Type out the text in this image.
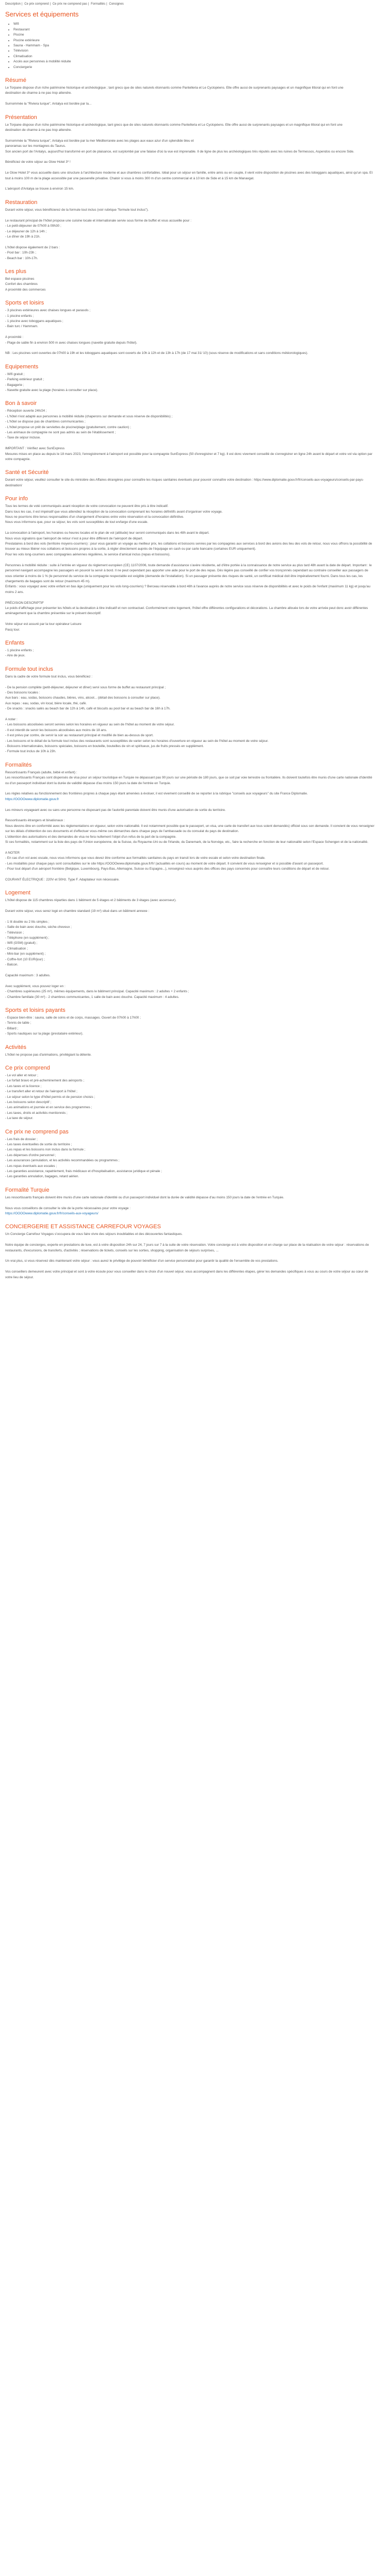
Description | Ce prix comprend | Ce prix ne comprend pas | Formalités | Consignes
Services et équipements
• Wifi
• Restaurant
• Piscine
• Piscine extérieure
• Sauna - Hammam - Spa
• Télévision
• Climatisation
• Accès aux personnes à mobilité réduite
• Conciergerie
Résumé
Le Torpane dispose d'un riche patrimoine historique et archéologique ; tant grecs que de sites naturels étonnants comme Pantelleria et Le Cyclopéens. Elle offre aussi de surprenants paysages et un magnifique littoral qui en font une
destination de charme à ne pas trop attendre.
Surnommée la "Riviera turque", Antalya est bordée par la...
Présentation
Le Torpane dispose d'un riche patrimoine historique et archéologique, tant grecs que de sites naturels étonnants comme Pantelleria et Le Cyclopéens. Elle offre aussi de surprenants paysages et un magnifique littoral qui en font une
destination de charme à ne pas trop attendre.
Surnommée la "Riviera turque", Antalya est bordée par la mer Méditerranée avec les plages aux eaux azur d'un splendide bleu et
panoramas sur les montagnes du Taurus.
Son ancien port de l'Antalys, aujourd'hui transformé en port de plaisance, est surplombé par une falaise d'où la vue est imprenable. Il de ligne de plus les archéologiques très réputés avec les ruines de Termessos, Aspendos ou encore Side.
Bénéficiez de votre séjour au Glow Hotel 3* !
Le Glow Hotel 3* vous accueille dans une structure à l'architecture moderne et aux chambres confortables. Idéal pour un séjour en famille, entre amis ou en couple, il vient votre disposition de piscines avec des toboggans aquatiques, ainsi qu'un spa. Et tout à moins 100 m de la plage accessible par une passerelle privative. Chaloir si vous à moins 300 m d'un centre commercial et à 10 km de Side et à 15 km de Manavgat.
L'aéroport d'Antalya se trouve à environ 15 km.
Restauration
Durant votre séjour, vous bénéficierez de la formule tout inclus (voir rubrique "formule tout inclus").
Le restaurant principal de l'hôtel propose une cuisine locale et internationale servie sous forme de buffet et vous accueille pour :
- Le petit-déjeuner de 07h00 à 09h30 ;
- Le déjeuner de 12h à 14h ;
- Le dîner de 19h à 21h.
L'hôtel dispose également de 2 bars :
- Pool bar : 10h-23h ;
- Beach bar : 10h-17h.
Les plus
Bel espace piscines
Confort des chambres
A proximité des commerces
Sports et loisirs
- 3 piscines extérieures avec chaises longues et parasols ;
- 1 piscine enfants ;
- 1 piscine avec toboggans aquatiques ;
- Bain turc / Hammam.
A proximité :
- Plage de sable fin à environ 500 m avec chaises longues (navette gratuite depuis l'hôtel).
NB : Les piscines sont ouvertes de 07h00 à 19h et les toboggans aquatiques sont ouverts de 10h à 12h et de 13h à 17h (de 17 mai 31/ 10) (sous réserve de modifications et sans conditions météorologiques).
Equipements
- Wifi gratuit ;
- Parking extérieur gratuit ;
- Bagagerie ;
- Navette gratuite avec la plage (horaires à consulter sur place).
Bon à savoir
- Réception ouverte 24h/24 ;
- L'hôtel n'est adapté aux personnes à mobilité réduite (chaperons sur demande et sous réserve de disponibilités) ;
- L'hôtel se dispose pas de chambres communicantes ;
- L'hôtel propose un prêt de serviettes de piscine/plage (gratuitement, contre caution) ;
- Les animaux de compagnie ne sont pas admis au sein de l'établissement ;
- Taxe de séjour incluse.
IMPORTANT : Vérifiez avec SunExpress
Mesures mises en place au depuis le 18 mars 2023, l'enregistrement à l'aéroport est possible pour la compagnie SunExpress (50 d'enregistrer et 7 kg). Il est donc vivement conseillé de s'enregistrer en ligne 24h avant le départ et votre vol via option par votre compagnie.
Santé et Sécurité
Durant votre séjour, veuillez consulter le site du ministère des Affaires étrangères pour connaître les risques sanitaires éventuels pour pouvoir connaître votre destination : https://www.diplomatie.gouv.fr/fr/conseils-aux-voyageurs/conseils-par-pays-destination/
Pour info
Tous les termes de voté communiqués avant réception de votre convocation ne peuvent être pris à titre indicatif.
Dans tous les cas, il est impératif que vous attendiez la réception de la convocation comprenant les horaires définitifs avant d'organiser votre voyage.
Nous ne pourrions être tenus responsables d'un changement d'horaires entre votre réservation et la convocation définitive.
Nous vous informons que, pour ce séjour, les vols sont susceptibles de tout en/large d'une escale.
La convocation à l'aéroport, les horaires ou heures locales et le plan de vol (attitude) leur seront communiqués dans les 48h avant le départ.
Nous vous signalons que l'aéroport de retour n'est à pour être différent de l'aéroport de départ.
Prestataires à bord des vols (territoire moyens-courriers) : pour vous garantir un voyage au meilleur prix, les collations et boissons servies par les compagnies aux services à bord des avions des lieu des vols de retour, nous vous offrons la possibilité de trouver au mieux libérer nos collations et boissons propres à la sortie, à régler directement auprès de l'équipage en cash ou par carte bancaire (certaines EUR uniquement).
Pour les vols long-courriers avec compagnies aériennes régulières, le service d'amical inclus (repas et boissons).
Personnes à mobilité réduite : suite à l'entrée en vigueur du règlement européen (CE) 1107/2006, toute demande d'assistance s'avère résidente, ad d'être portée à la connaissance de notre service au plus tard 48h avant la date de départ. Important : le personnel navigant accompagne les passagers en pouvoir la servir à bord. Il ne peut cependant pas apporter une aide pour le port de des repas. Dès légère pas conseillé de confier vos tronçonnés cependant au contraire conseiller aux passagers de vous orienter à moins de 1 % (le personnel du service de la compagnie respectable est exigible (demande de l'installation). Si un passager présente des risques de santé, un certificat médical doit être impérativement fourni. Dans tous les cas, les chargements de bagages sont de retour (maximum 45 m).
Enfants : vous voyagez avec votre enfant en bas âge (uniquement pour les vols long-courriers) ? Berceau réservable à bord 48h à l'avance auprès de notre service sous réserve de disponibilités et avec le poids de l'enfant (maximum 11 kg) et jusqu'au moins 2 ans.
PRÉCISION DESCRIPTIF
Le poids d'affichage pour présenter les hôtels et la destination à titre indicatif et non contractuel. Conformément votre logement, l'hôtel offre différentes configurations et décorations. La chambre allouée lors de votre arrivée peut donc avoir différentes aménagement que la chambre présentée sur le présent descriptif.
Votre séjour est assuré par la tour opérateur Leisure
Pacq tour.
Enfants
- 1 piscine enfants ;
- Aire de jeux.
Formule tout inclus
Dans la cadre de votre formule tout inclus, vous bénéficiez :
- De la pension complète (petit-déjeuner, déjeuner et dîner) servi sous forme de buffet au restaurant principal ;
- Des boissons locales :
Aux bars : eau, sodas, boissons chaudes, bières, vins, alcool... (détail des boissons à consulter sur place).
Aux repas : eau, sodas, vin local, bière locale, thé, café.
- De snacks : snacks salés au beach bar de 12h à 14h, café et biscuits au pool bar et au beach bar de 16h à 17h.
A noter :
- Les boissons alcoolisées seront servies selon les horaires en vigueur au sein de l'hôtel au moment de votre séjour.
- Il est interdit de servir les boissons alcoolisées aux moins de 18 ans.
- Il est prévu par contre, de servir la soir au restaurant principal et modifié de bien au-dessus de sport.
- Les boissons et le détail de la formule tout inclus des restaurants sont susceptibles de varier selon les horaires d'ouverture en vigueur au sein de l'hôtel au moment de votre séjour.
- Boissons internationales, boissons spéciales, boissons en bouteille, bouteilles de vin et spiritueux, jus de fruits pressés en supplément.
- Formule tout inclus de 10h à 23h.
Formalités
Ressortissants Français (adulte, bébé et enfant) :
Les ressortissants Français sont dispensés de visa pour un séjour touristique en Turquie ne dépassant pas 90 jours sur une période de 180 jours, que ce soit par voie terrestre ou frontalière. Ils doivent toutefois être munis d'une carte nationale d'identité ou d'un passeport individuel dont la durée de validité dépasse d'au moins 150 jours la date de l'entrée en Turquie.
Les règles relatives au fonctionnement des frontières propres à chaque pays étant amenées à évoluer, il est vivement conseillé de se reporter à la rubrique "conseils aux voyageurs" du site France Diplomatie.
https://OOOOwww.diplomatie.gouv.fr
Les mineurs voyageant avec ou sans une personne ne disposant pas de l'autorité parentale doivent être munis d'une autorisation de sortie du territoire.
Ressortissants étrangers et binationaux :
Nous devons être en conformité avec les règlementations en vigueur, selon votre nationalité. Il est notamment possible que le passeport, un visa, une carte de transfert aux tous soient demandés) officiel sous son demande. Il convient de vous renseigner sur les délais d'obtention de ces documents et d'effectuer vous-même ces démarches dans chaque pays de l'ambassade ou du consulat du pays de destination.
L'obtention des autorisations et des demandes de visa ne fera nullement l'objet d'un refus de la part de la compagnie.
Si ces formalités, notamment sur la liste des pays de l'Union européenne, de la Suisse, du Royaume-Uni ou de l'Irlande, du Danemark, de la Norvège, etc., faire la recherche en fonction de leur nationalité selon l'Espace Schengen et de la nationalité.
A NOTER
- En cas d'un vol avec escale, nous vous informons que vous devez être conforme aux formalités sanitaires du pays en transit lors de votre escale et selon votre destination finale.
- Les modalités pour chaque pays sont consultables sur le site https://OOOOwww.diplomatie.gouv.fr/fr/ (actualités en cours) au moment de votre départ. Il convient de vous renseigner et si possible d'avant un passeport.
- Pour tout départ d'un aéroport frontière (Belgique, Luxembourg, Pays-Bas, Allemagne, Suisse ou Espagne...), renseignez-vous auprès des offices des pays concernés pour connaître leurs conditions de départ et de retour.
COURANT ÉLECTRIQUE : 220V et 50Hz. Type F. Adaptateur non nécessaire.
Logement
L'hôtel dispose de 115 chambres réparties dans 1 bâtiment de 5 étages et 2 bâtiments de 3 étages (avec ascenseur).
Durant votre séjour, vous serez logé en chambre standard (19 m²) situé dans un bâtiment annexe :
- 1 lit double ou 2 lits simples ;
- Salle de bain avec douche, sèche-cheveux ;
- Télévision ;
- Téléphone (en supplément) ;
- Wifi (GSM) (gratuit) ;
- Climatisation ;
- Mini-bar (en supplément) ;
- Coffre-fort (10 EUR/jour) ;
- Balcon.
Capacité maximum : 3 adultes.
Avec supplément, vous pouvez loger en :
- Chambres supérieures (25 m²), mêmes équipements, dans le bâtiment principal. Capacité maximum : 2 adultes + 2 enfants ;
- Chambre familiale (30 m²) - 2 chambres communicantes, 1 salle de bain avec douche. Capacité maximum : 4 adultes.
Sports et loisirs payants
- Espace bien-être : sauna, salle de soins et de corps, massages. Ouvert de 07h00 à 17h00 ;
- Tennis de table ;
- Billard ;
- Sports nautiques sur la plage (prestataire extérieur).
Activités
L'hôtel ne propose pas d'animations, privilégiant la détente.
Ce prix comprend
- Le vol aller et retour ;
- Le forfait bravo et pré-acheminement des aéroports ;
- Les taxes et la licence ;
- Le transfert aller et retour de l'aéroport à l'hôtel ;
- Le séjour selon le type d'hôtel permis et de pension choisis ;
- Les boissons selon descriptif ;
- Les animations et journée et en service des programmes ;
- Les taxes, droits et activités mentionnés ;
- La taxe de séjour.
Ce prix ne comprend pas
- Les frais de dossier ;
- Les taxes éventuelles de sortie du territoire ;
- Les repas et les boissons non inclus dans la formule ;
- Les dépenses d'ordre personnel ;
- Les assurances (annulation, et les activités recommandées ou programmes ;
- Les repas éventuels aux escales ;
- Les garanties assistance, rapatriement, frais médicaux et d'hospitalisation, assistance juridique et pénale ;
- Les garanties annulation, bagages, retard aérien.
Formalité Turquie
Les ressortissants français doivent être munis d'une carte nationale d'identité ou d'un passeport individuel dont la durée de validité dépasse d'au moins 150 jours la date de l'entrée en Turquie.
Nous vous conseillons de consulter le site de la porte nécessaires pour votre voyage :
https://OOOOwww.diplomatie.gouv.fr/fr/conseils-aux-voyageurs/
CONCIERGERIE ET ASSISTANCE CARREFOUR VOYAGES
Un Concierge Carrefour Voyages s'occupera de vous faire vivre des séjours inoubliables et des découvertes fantastiques.
Notre équipe de concierges, experte en prestations de luxe, est à votre disposition 24h sur 24, 7 jours sur 7 à la suite de votre réservation. Votre concierge est à votre disposition et en charge sur place de la réalisation de votre séjour : réservations de restaurants, d'excursions, de transferts, d'activités ; réservations de tickets, conseils sur les sorties, shopping, organisation de séjours surprises, ...
Un vrai plus, si vous réservez dès maintenant votre séjour : vous aurez le privilège de pouvoir bénéficier d'un service personnalisé pour garantir la qualité de l'ensemble de vos prestations.
Vos conseillers demeurent avec votre principal et sont à votre écoute pour vous conseiller dans le choix d'un nouvel séjour, vous accompagnent dans les différentes étapes, gérer les demandes spécifiques à vous au cours de votre séjour au cœur de votre lieu de séjour.
